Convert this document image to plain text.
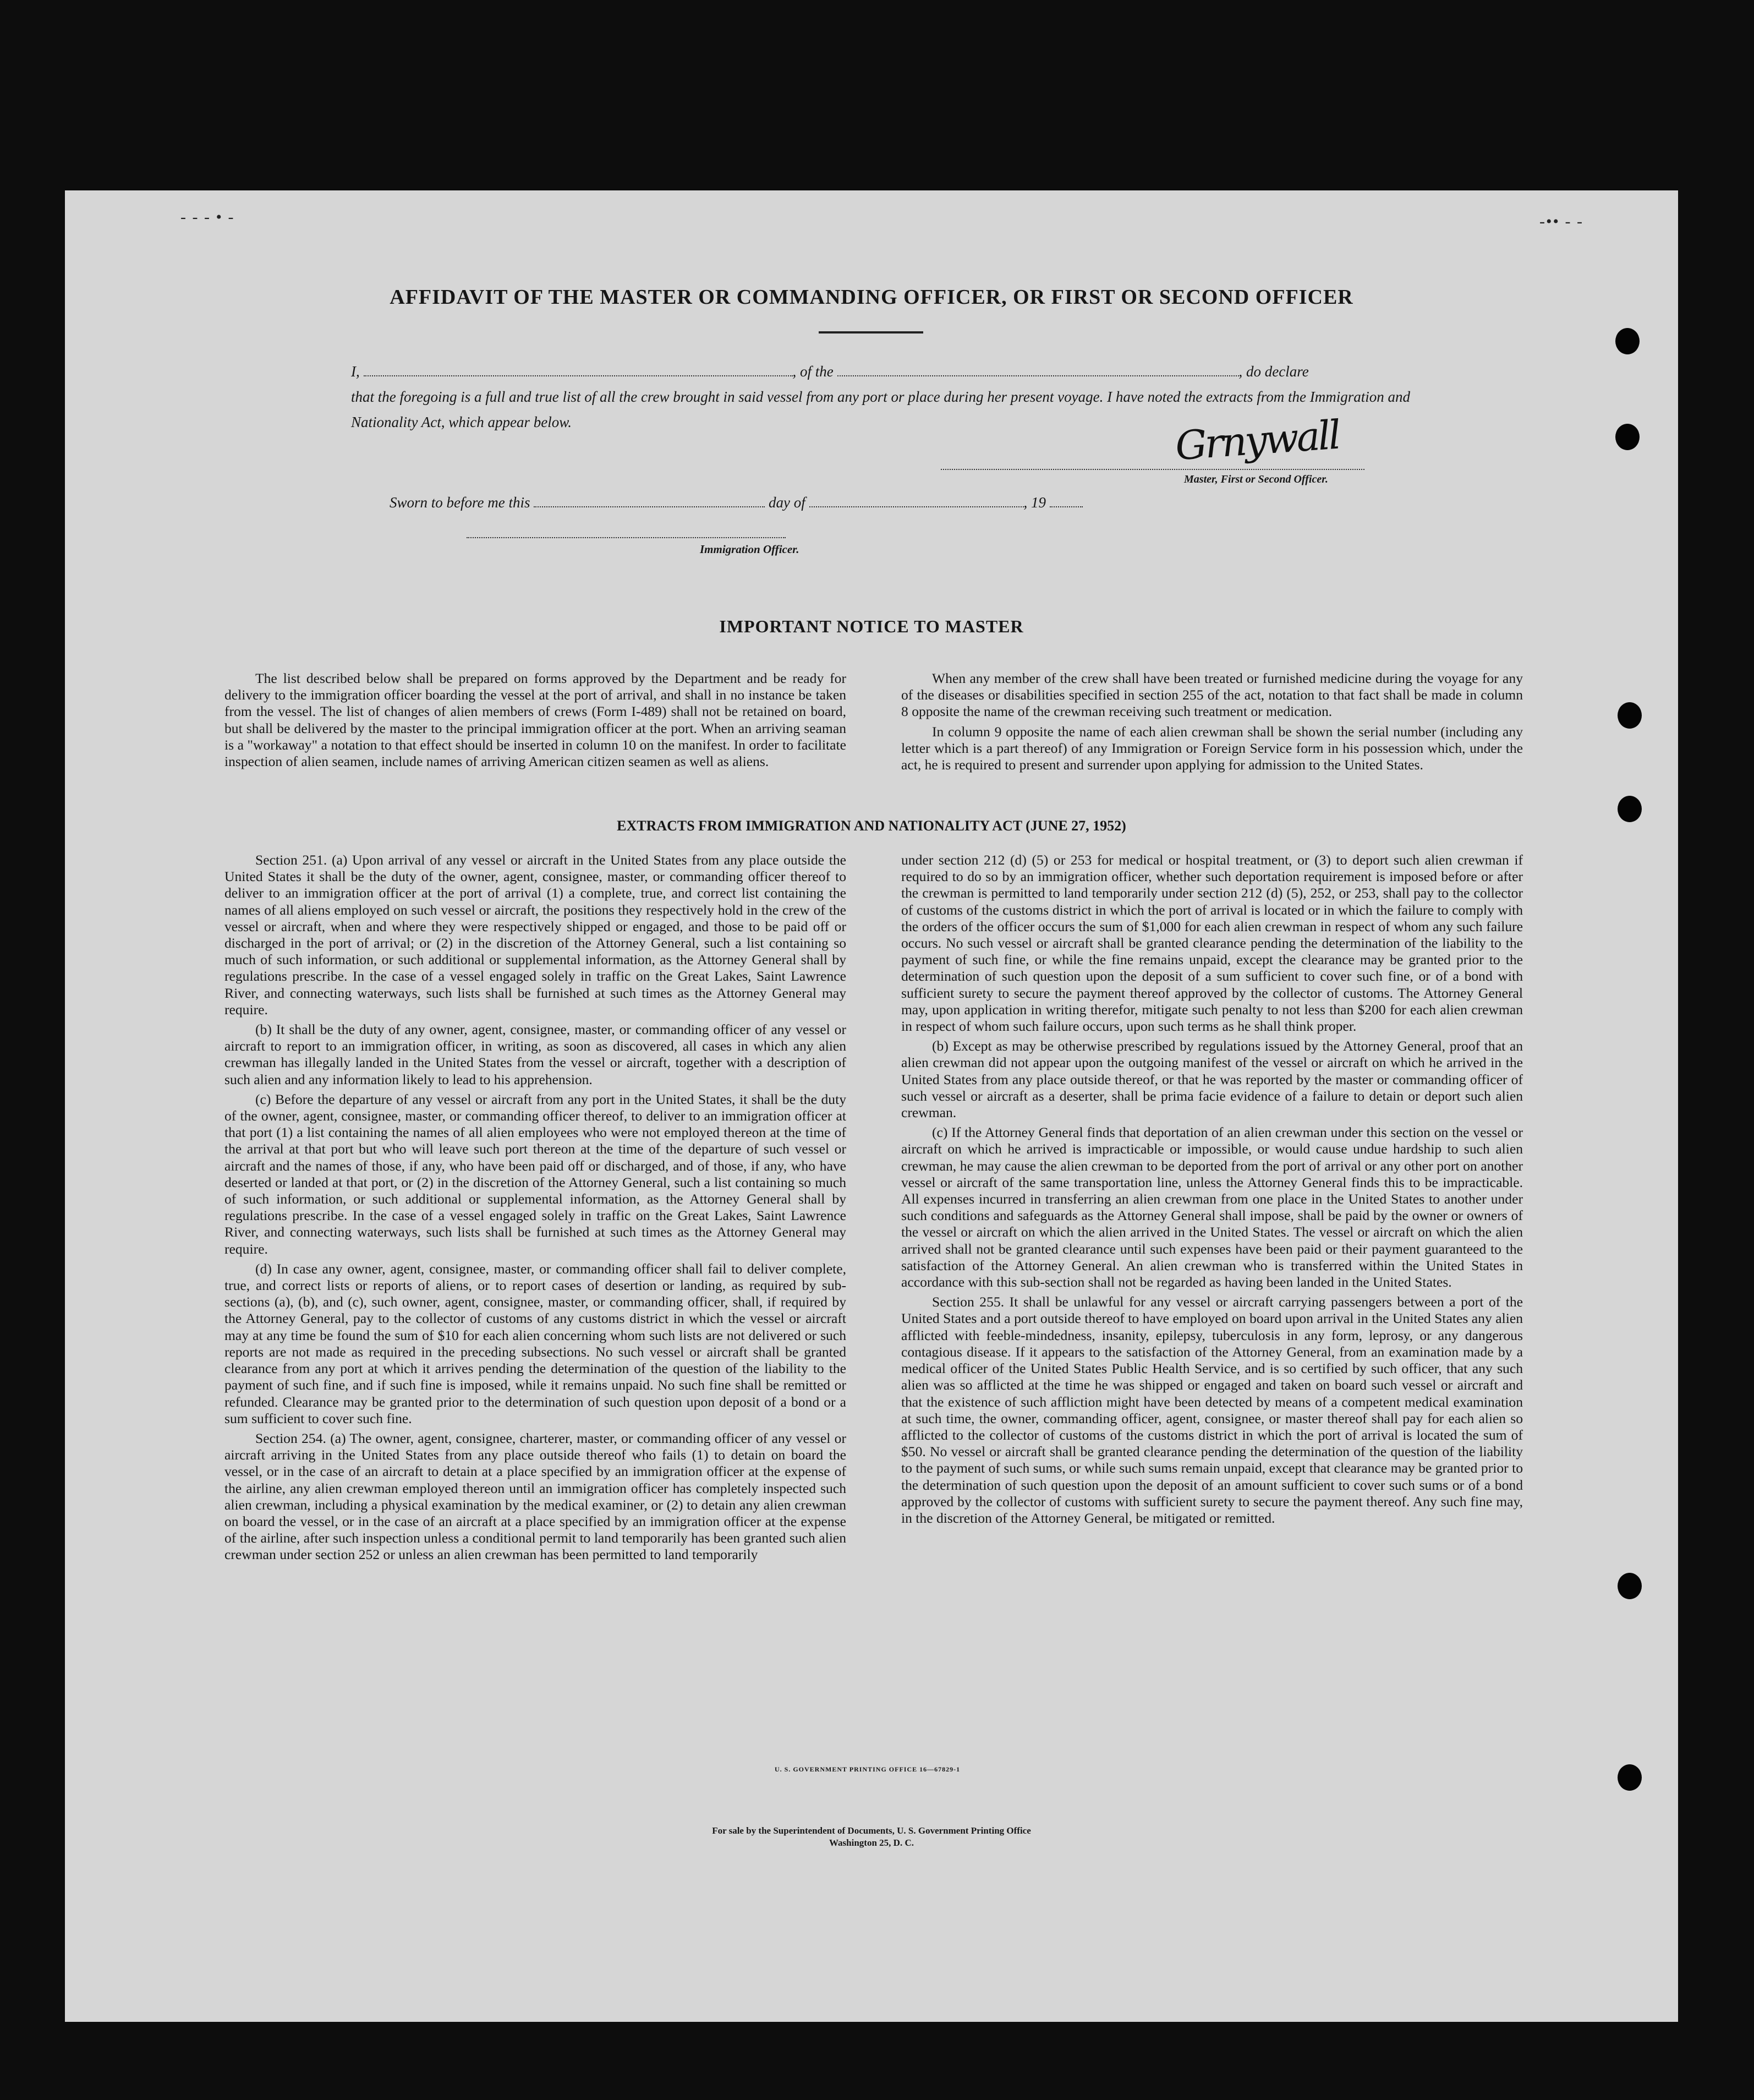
‑ ‑ ‑ • ‑	‑•• ‑ ‑
AFFIDAVIT OF THE MASTER OR COMMANDING OFFICER, OR FIRST OR SECOND OFFICER
I,	, of the	, do declare
that the foregoing is a full and true list of all the crew brought in said vessel from any port or place during her present voyage. I have noted the extracts from the Immigration and Nationality Act, which appear below.	Grnywall
Master, First or Second Officer.
Sworn to before me this	day of	, 19
Immigration Officer.
IMPORTANT NOTICE TO MASTER

The list described below shall be prepared on forms approved by the Department and be ready for delivery to the immigration officer boarding the vessel at the port of arrival, and shall in no instance be taken from the vessel. The list of changes of alien members of crews (Form I-489) shall not be retained on board, but shall be delivered by the master to the principal immigration officer at the port. When an arriving seaman is a "workaway" a notation to that effect should be inserted in column 10 on the manifest. In order to facilitate inspection of alien seamen, include names of arriving American citizen seamen as well as aliens.

When any member of the crew shall have been treated or furnished medicine during the voyage for any of the diseases or disabilities specified in section 255 of the act, notation to that fact shall be made in column 8 opposite the name of the crewman receiving such treatment or medication.

In column 9 opposite the name of each alien crewman shall be shown the serial number (including any letter which is a part thereof) of any Immigration or Foreign Service form in his possession which, under the act, he is required to present and surrender upon applying for admission to the United States.

EXTRACTS FROM IMMIGRATION AND NATIONALITY ACT (JUNE 27, 1952)

Section 251. (a) Upon arrival of any vessel or aircraft in the United States from any place outside the United States it shall be the duty of the owner, agent, consignee, master, or commanding officer thereof to deliver to an immigration officer at the port of arrival (1) a complete, true, and correct list containing the names of all aliens employed on such vessel or aircraft, the positions they respectively hold in the crew of the vessel or aircraft, when and where they were respectively shipped or engaged, and those to be paid off or discharged in the port of arrival; or (2) in the discretion of the Attorney General, such a list containing so much of such information, or such additional or supplemental information, as the Attorney General shall by regulations prescribe. In the case of a vessel engaged solely in traffic on the Great Lakes, Saint Lawrence River, and connecting waterways, such lists shall be furnished at such times as the Attorney General may require.

(b) It shall be the duty of any owner, agent, consignee, master, or commanding officer of any vessel or aircraft to report to an immigration officer, in writing, as soon as discovered, all cases in which any alien crewman has illegally landed in the United States from the vessel or aircraft, together with a description of such alien and any information likely to lead to his apprehension.

(c) Before the departure of any vessel or aircraft from any port in the United States, it shall be the duty of the owner, agent, consignee, master, or commanding officer thereof, to deliver to an immigration officer at that port (1) a list containing the names of all alien employees who were not employed thereon at the time of the arrival at that port but who will leave such port thereon at the time of the departure of such vessel or aircraft and the names of those, if any, who have been paid off or discharged, and of those, if any, who have deserted or landed at that port, or (2) in the discretion of the Attorney General, such a list containing so much of such information, or such additional or supplemental information, as the Attorney General shall by regulations prescribe. In the case of a vessel engaged solely in traffic on the Great Lakes, Saint Lawrence River, and connecting waterways, such lists shall be furnished at such times as the Attorney General may require.

(d) In case any owner, agent, consignee, master, or commanding officer shall fail to deliver complete, true, and correct lists or reports of aliens, or to report cases of desertion or landing, as required by sub-sections (a), (b), and (c), such owner, agent, consignee, master, or commanding officer, shall, if required by the Attorney General, pay to the collector of customs of any customs district in which the vessel or aircraft may at any time be found the sum of $10 for each alien concerning whom such lists are not delivered or such reports are not made as required in the preceding subsections. No such vessel or aircraft shall be granted clearance from any port at which it arrives pending the determination of the question of the liability to the payment of such fine, and if such fine is imposed, while it remains unpaid. No such fine shall be remitted or refunded. Clearance may be granted prior to the determination of such question upon deposit of a bond or a sum sufficient to cover such fine.

Section 254. (a) The owner, agent, consignee, charterer, master, or commanding officer of any vessel or aircraft arriving in the United States from any place outside thereof who fails (1) to detain on board the vessel, or in the case of an aircraft to detain at a place specified by an immigration officer at the expense of the airline, any alien crewman employed thereon until an immigration officer has completely inspected such alien crewman, including a physical examination by the medical examiner, or (2) to detain any alien crewman on board the vessel, or in the case of an aircraft at a place specified by an immigration officer at the expense of the airline, after such inspection unless a conditional permit to land temporarily has been granted such alien crewman under section 252 or unless an alien crewman has been permitted to land temporarily

under section 212 (d) (5) or 253 for medical or hospital treatment, or (3) to deport such alien crewman if required to do so by an immigration officer, whether such deportation requirement is imposed before or after the crewman is permitted to land temporarily under section 212 (d) (5), 252, or 253, shall pay to the collector of customs of the customs district in which the port of arrival is located or in which the failure to comply with the orders of the officer occurs the sum of $1,000 for each alien crewman in respect of whom any such failure occurs. No such vessel or aircraft shall be granted clearance pending the determination of the liability to the payment of such fine, or while the fine remains unpaid, except the clearance may be granted prior to the determination of such question upon the deposit of a sum sufficient to cover such fine, or of a bond with sufficient surety to secure the payment thereof approved by the collector of customs. The Attorney General may, upon application in writing therefor, mitigate such penalty to not less than $200 for each alien crewman in respect of whom such failure occurs, upon such terms as he shall think proper.

(b) Except as may be otherwise prescribed by regulations issued by the Attorney General, proof that an alien crewman did not appear upon the outgoing manifest of the vessel or aircraft on which he arrived in the United States from any place outside thereof, or that he was reported by the master or commanding officer of such vessel or aircraft as a deserter, shall be prima facie evidence of a failure to detain or deport such alien crewman.

(c) If the Attorney General finds that deportation of an alien crewman under this section on the vessel or aircraft on which he arrived is impracticable or impossible, or would cause undue hardship to such alien crewman, he may cause the alien crewman to be deported from the port of arrival or any other port on another vessel or aircraft of the same transportation line, unless the Attorney General finds this to be impracticable. All expenses incurred in transferring an alien crewman from one place in the United States to another under such conditions and safeguards as the Attorney General shall impose, shall be paid by the owner or owners of the vessel or aircraft on which the alien arrived in the United States. The vessel or aircraft on which the alien arrived shall not be granted clearance until such expenses have been paid or their payment guaranteed to the satisfaction of the Attorney General. An alien crewman who is transferred within the United States in accordance with this sub-section shall not be regarded as having been landed in the United States.

Section 255. It shall be unlawful for any vessel or aircraft carrying passengers between a port of the United States and a port outside thereof to have employed on board upon arrival in the United States any alien afflicted with feeble-mindedness, insanity, epilepsy, tuberculosis in any form, leprosy, or any dangerous contagious disease. If it appears to the satisfaction of the Attorney General, from an examination made by a medical officer of the United States Public Health Service, and is so certified by such officer, that any such alien was so afflicted at the time he was shipped or engaged and taken on board such vessel or aircraft and that the existence of such affliction might have been detected by means of a competent medical examination at such time, the owner, commanding officer, agent, consignee, or master thereof shall pay for each alien so afflicted to the collector of customs of the customs district in which the port of arrival is located the sum of $50. No vessel or aircraft shall be granted clearance pending the determination of the question of the liability to the payment of such sums, or while such sums remain unpaid, except that clearance may be granted prior to the determination of such question upon the deposit of an amount sufficient to cover such sums or of a bond approved by the collector of customs with sufficient surety to secure the payment thereof. Any such fine may, in the discretion of the Attorney General, be mitigated or remitted.

U. S. GOVERNMENT PRINTING OFFICE 16—67829-1
For sale by the Superintendent of Documents, U. S. Government Printing Office
Washington 25, D. C.
